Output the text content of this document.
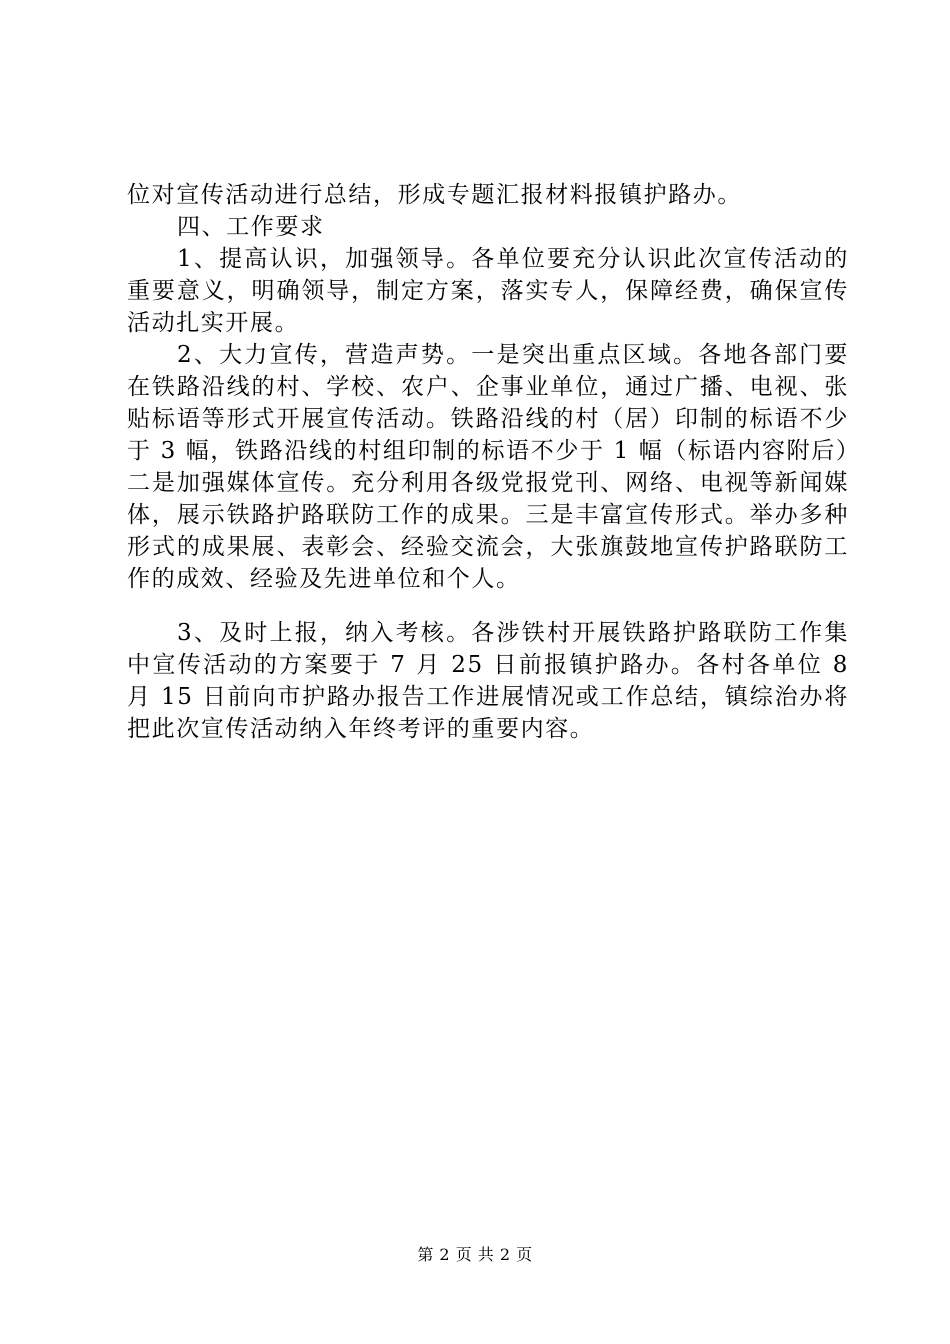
位对宣传活动进行总结，形成专题汇报材料报镇护路办。

四、工作要求

1、提高认识，加强领导。各单位要充分认识此次宣传活动的重要意义，明确领导，制定方案，落实专人，保障经费，确保宣传活动扎实开展。

2、大力宣传，营造声势。一是突出重点区域。各地各部门要在铁路沿线的村、学校、农户、企事业单位，通过广播、电视、张贴标语等形式开展宣传活动。铁路沿线的村（居）印制的标语不少于 3 幅，铁路沿线的村组印制的标语不少于 1 幅（标语内容附后）二是加强媒体宣传。充分利用各级党报党刊、网络、电视等新闻媒体，展示铁路护路联防工作的成果。三是丰富宣传形式。举办多种形式的成果展、表彰会、经验交流会，大张旗鼓地宣传护路联防工作的成效、经验及先进单位和个人。

3、及时上报，纳入考核。各涉铁村开展铁路护路联防工作集中宣传活动的方案要于 7 月 25 日前报镇护路办。各村各单位 8 月 15 日前向市护路办报告工作进展情况或工作总结，镇综治办将把此次宣传活动纳入年终考评的重要内容。

第 2 页 共 2 页
